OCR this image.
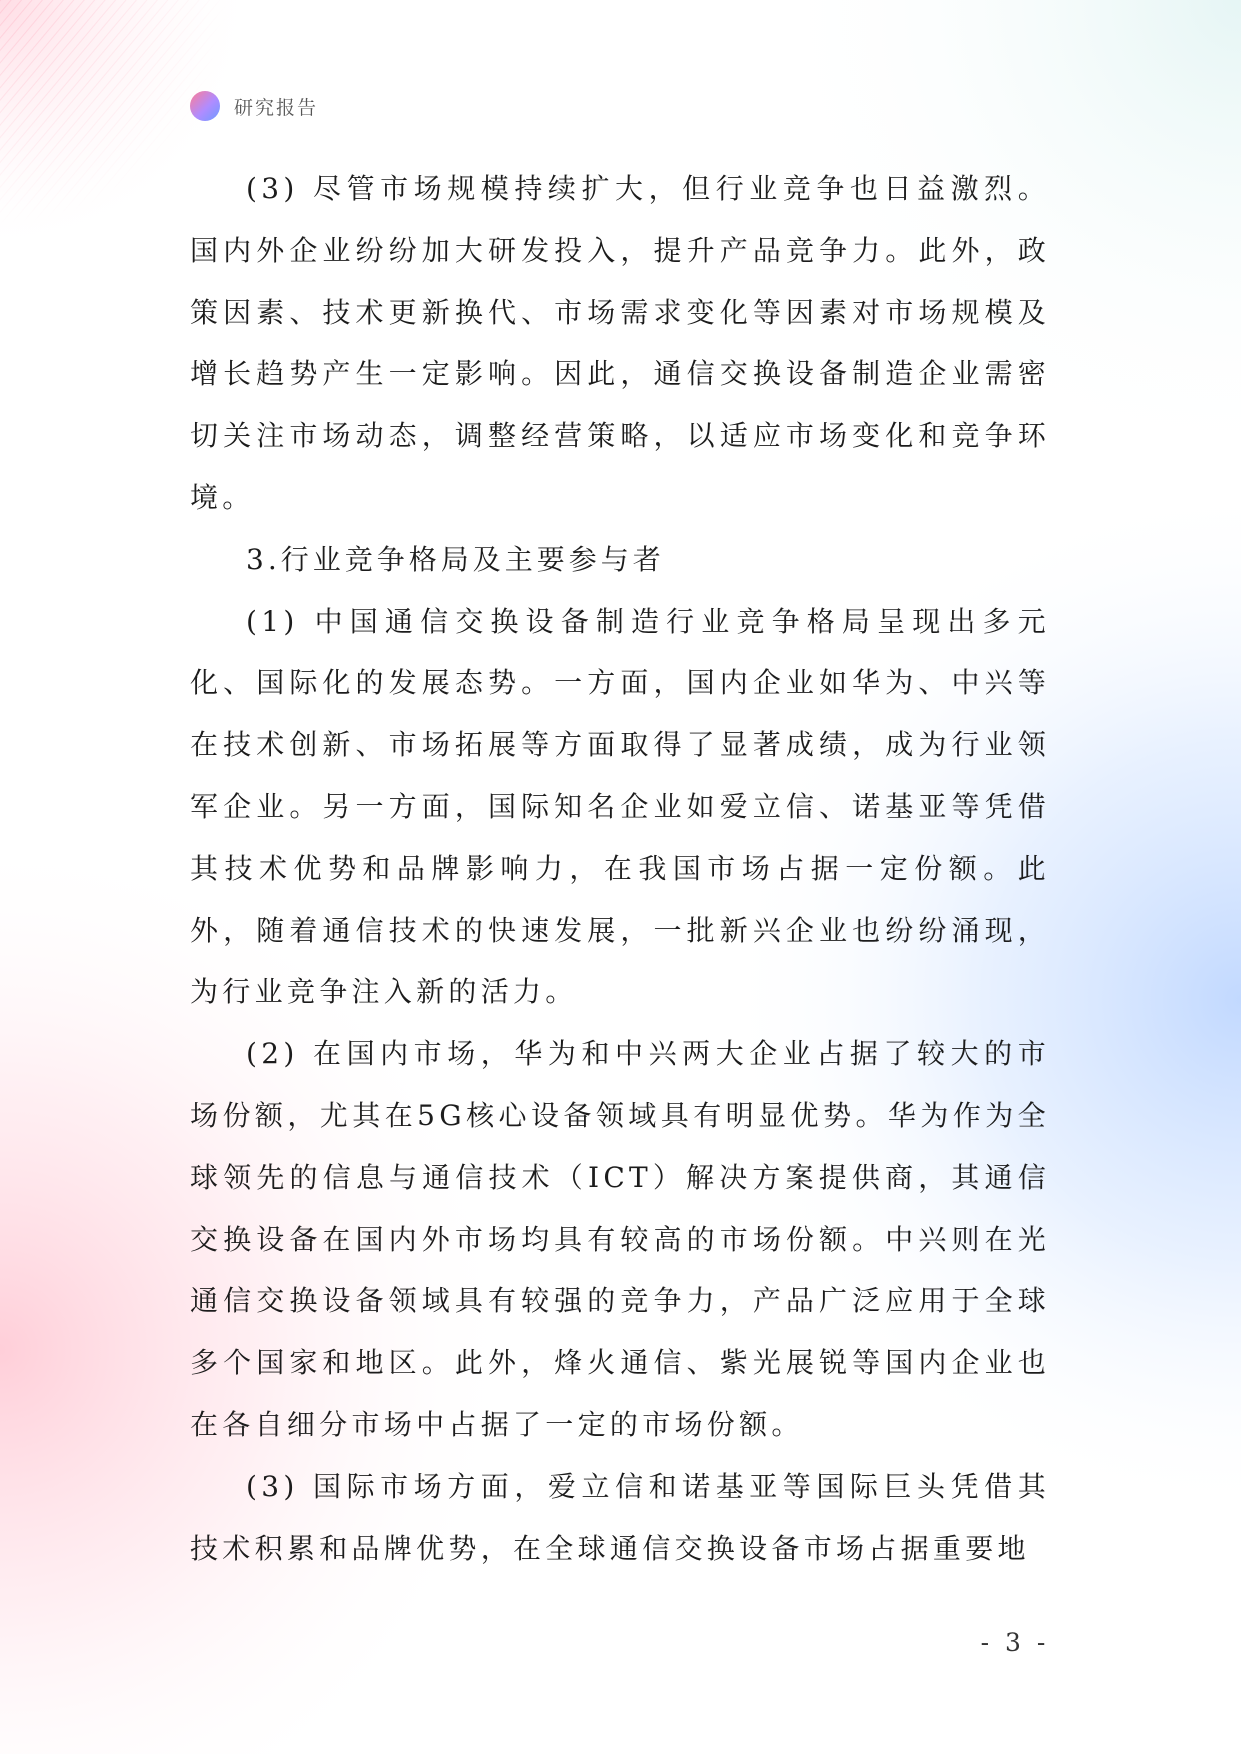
研究报告

(3) 尽管市场规模持续扩大，但行业竞争也日益激烈。国内外企业纷纷加大研发投入，提升产品竞争力。此外，政策因素、技术更新换代、市场需求变化等因素对市场规模及增长趋势产生一定影响。因此，通信交换设备制造企业需密切关注市场动态，调整经营策略，以适应市场变化和竞争环境。

3.行业竞争格局及主要参与者

(1) 中国通信交换设备制造行业竞争格局呈现出多元化、国际化的发展态势。一方面，国内企业如华为、中兴等在技术创新、市场拓展等方面取得了显著成绩，成为行业领军企业。另一方面，国际知名企业如爱立信、诺基亚等凭借其技术优势和品牌影响力，在我国市场占据一定份额。此外，随着通信技术的快速发展，一批新兴企业也纷纷涌现，为行业竞争注入新的活力。

(2) 在国内市场，华为和中兴两大企业占据了较大的市场份额，尤其在5G核心设备领域具有明显优势。华为作为全球领先的信息与通信技术（ICT）解决方案提供商，其通信交换设备在国内外市场均具有较高的市场份额。中兴则在光通信交换设备领域具有较强的竞争力，产品广泛应用于全球多个国家和地区。此外，烽火通信、紫光展锐等国内企业也在各自细分市场中占据了一定的市场份额。

(3) 国际市场方面，爱立信和诺基亚等国际巨头凭借其技术积累和品牌优势，在全球通信交换设备市场占据重要地

- 3 -
